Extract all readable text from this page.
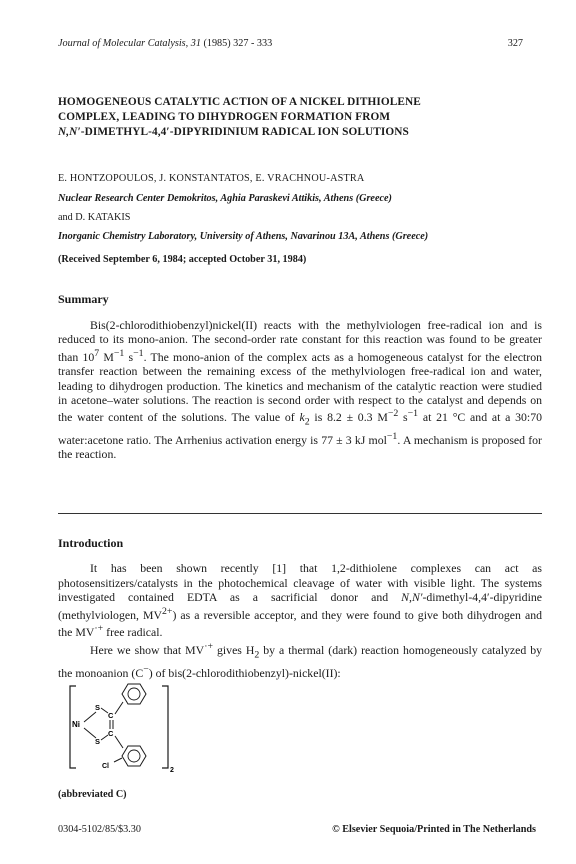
Journal of Molecular Catalysis, 31 (1985) 327 - 333	327
HOMOGENEOUS CATALYTIC ACTION OF A NICKEL DITHIOLENE
COMPLEX, LEADING TO DIHYDROGEN FORMATION FROM
N,N′-DIMETHYL-4,4′-DIPYRIDINIUM RADICAL ION SOLUTIONS
E. HONTZOPOULOS, J. KONSTANTATOS, E. VRACHNOU-ASTRA
Nuclear Research Center Demokritos, Aghia Paraskevi Attikis, Athens (Greece)
and D. KATAKIS
Inorganic Chemistry Laboratory, University of Athens, Navarinou 13A, Athens (Greece)
(Received September 6, 1984; accepted October 31, 1984)
Summary

Bis(2-chlorodithiobenzyl)nickel(II) reacts with the methylviologen free-radical ion and is reduced to its mono-anion. The second-order rate constant for this reaction was found to be greater than $10^7$ $M^{-1}$ $s^{-1}$. The mono-anion of the complex acts as a homogeneous catalyst for the electron transfer reaction between the remaining excess of the methylviologen free-radical ion and water, leading to dihydrogen production. The kinetics and mechanism of the catalytic reaction were studied in acetone–water solutions. The reaction is second order with respect to the catalyst and depends on the water content of the solutions. The value of $k_2$ is 8.2 ± 0.3 $M^{-2}$ $s^{-1}$ at 21 °C and at a 30:70 water:acetone ratio. The Arrhenius activation energy is 77 ± 3 kJ mol$^{-1}$. A mechanism is proposed for the reaction.

Introduction

It has been shown recently [1] that 1,2-dithiolene complexes can act as photosensitizers/catalysts in the photochemical cleavage of water with visible light. The systems investigated contained EDTA as a sacrificial donor and N,N′-dimethyl-4,4′-dipyridine (methylviologen, $MV^{2+}$) as a reversible acceptor, and they were found to give both dihydrogen and the MV·+ free radical.

Here we show that MV·+ gives $H_2$ by a thermal (dark) reaction homogeneously catalyzed by the monoanion (C−) of bis(2-chlorodithiobenzyl)-nickel(II):

Ni
S
C
S
C
Cl
2
(abbreviated C)
0304-5102/85/$3.30	© Elsevier Sequoia/Printed in The Netherlands
